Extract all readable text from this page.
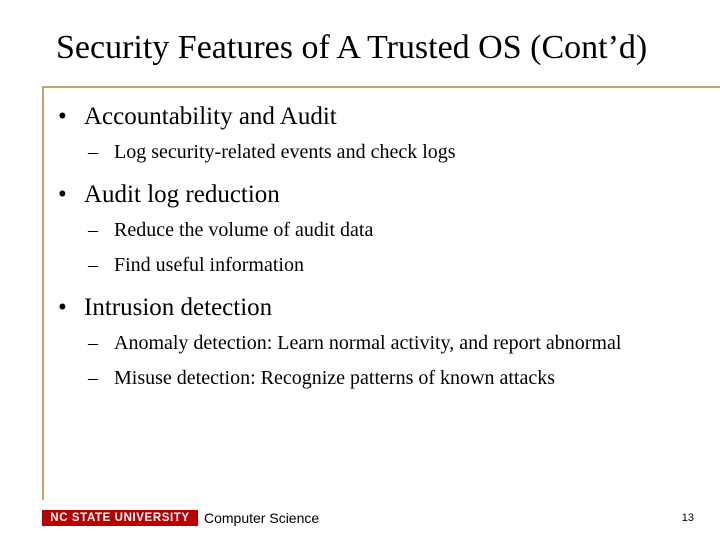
Security Features of A Trusted OS (Cont’d)
• Accountability and Audit
– Log security-related events and check logs
• Audit log reduction
– Reduce the volume of audit data
– Find useful information
• Intrusion detection
– Anomaly detection: Learn normal activity, and report abnormal
– Misuse detection: Recognize patterns of known attacks
NC STATE UNIVERSITY Computer Science	13
